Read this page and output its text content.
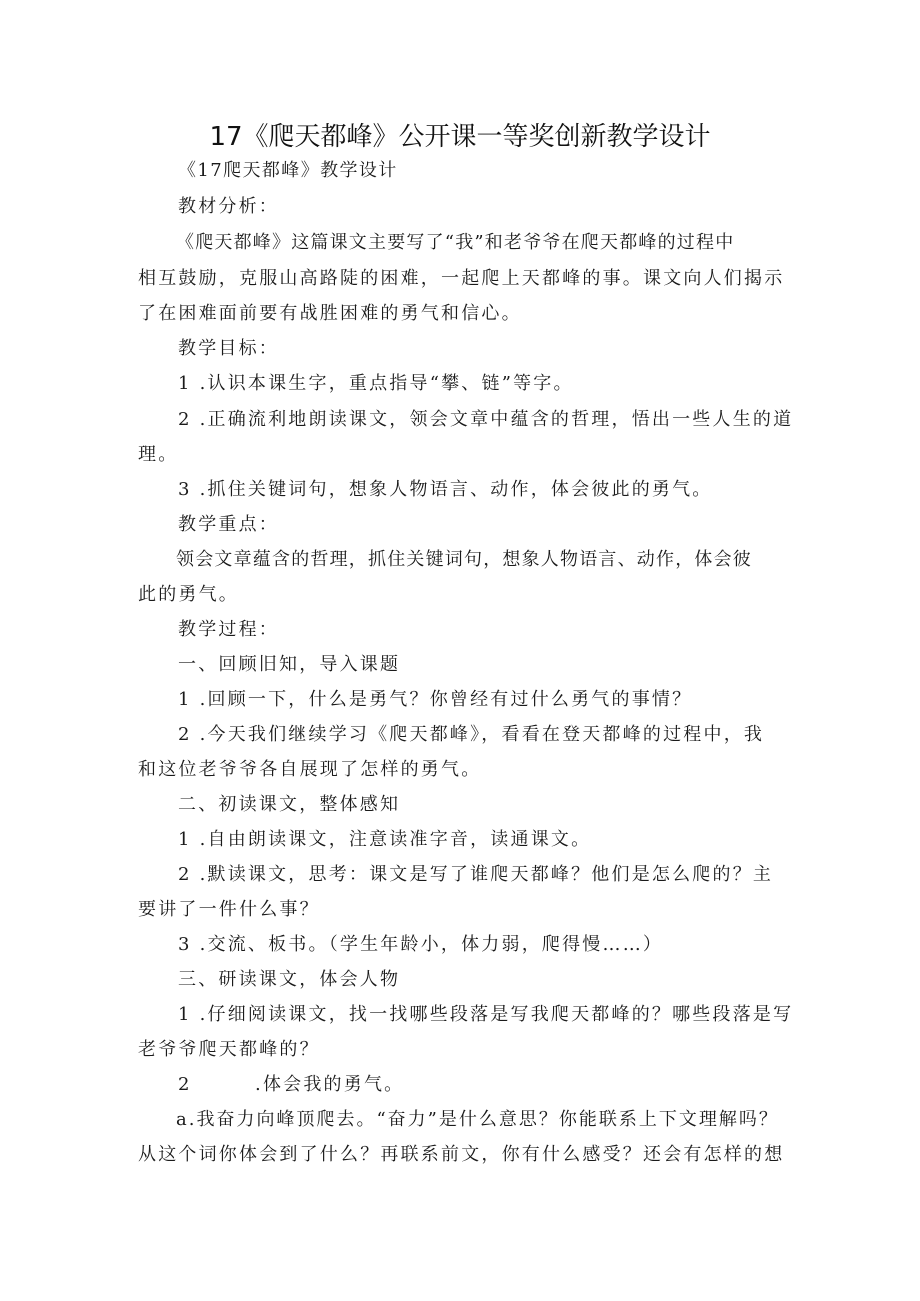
17《爬天都峰》公开课一等奖创新教学设计
《17爬天都峰》教学设计
教材分析：
《爬天都峰》这篇课文主要写了“我”和老爷爷在爬天都峰的过程中
相互鼓励，克服山高路陡的困难，一起爬上天都峰的事。课文向人们揭示
了在困难面前要有战胜困难的勇气和信心。
教学目标：
1 .认识本课生字，重点指导“攀、链”等字。
2 .正确流利地朗读课文，领会文章中蕴含的哲理，悟出一些人生的道
理。
3 .抓住关键词句，想象人物语言、动作，体会彼此的勇气。
教学重点：
领会文章蕴含的哲理，抓住关键词句，想象人物语言、动作，体会彼
此的勇气。
教学过程：
一、回顾旧知，导入课题
1 .回顾一下，什么是勇气？你曾经有过什么勇气的事情？
2 .今天我们继续学习《爬天都峰》，看看在登天都峰的过程中，我
和这位老爷爷各自展现了怎样的勇气。
二、初读课文，整体感知
1 .自由朗读课文，注意读准字音，读通课文。
2 .默读课文，思考：课文是写了谁爬天都峰？他们是怎么爬的？主
要讲了一件什么事？
3 .交流、板书。（学生年龄小，体力弱，爬得慢……）
三、研读课文，体会人物
1 .仔细阅读课文，找一找哪些段落是写我爬天都峰的？哪些段落是写
老爷爷爬天都峰的？
2        .体会我的勇气。
a.我奋力向峰顶爬去。“奋力”是什么意思？你能联系上下文理解吗？
从这个词你体会到了什么？再联系前文，你有什么感受？还会有怎样的想
